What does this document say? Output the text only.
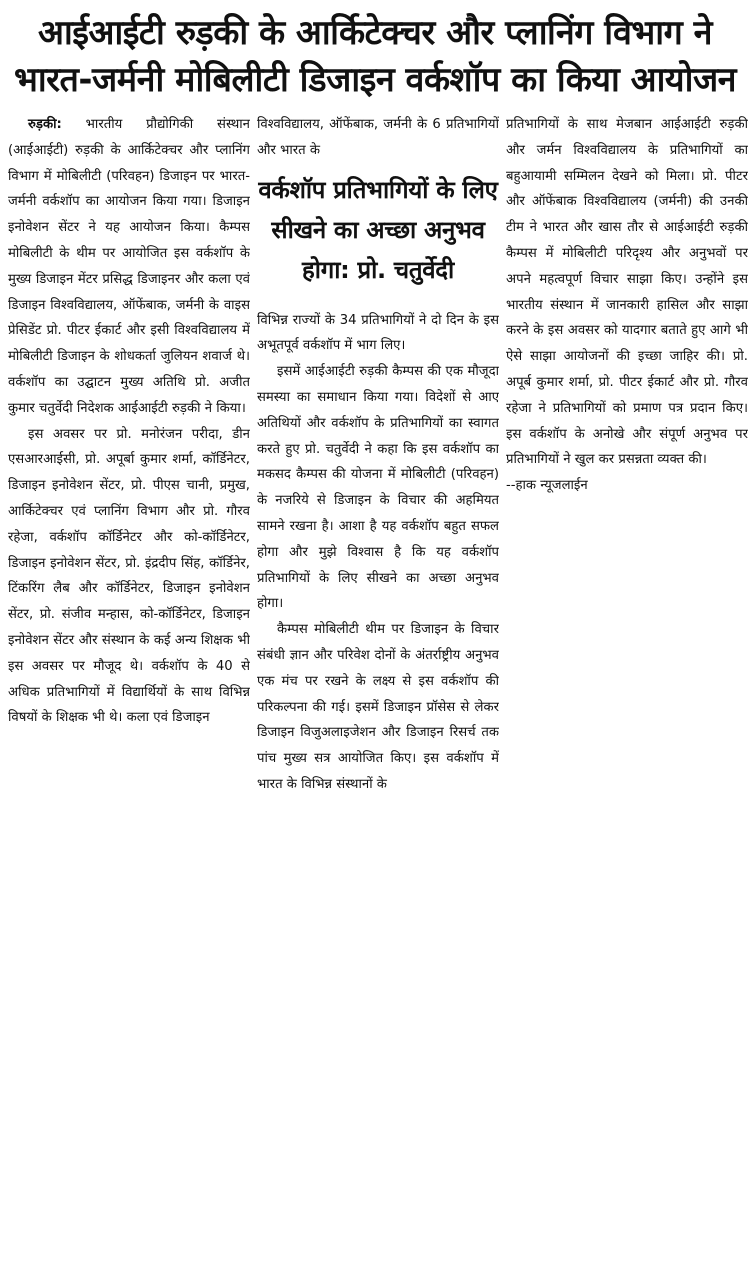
आईआईटी रुड़की के आर्किटेक्चर और प्लानिंग विभाग ने
भारत-जर्मनी मोबिलीटी डिजाइन वर्कशॉप का किया आयोजन

रुड़की: भारतीय प्रौद्योगिकी संस्थान (आईआईटी) रुड़की के आर्किटेक्चर और प्लानिंग विभाग में मोबिलीटी (परिवहन) डिजाइन पर भारत-जर्मनी वर्कशॉप का आयोजन किया गया। डिजाइन इनोवेशन सेंटर ने यह आयोजन किया। कैम्पस मोबिलीटी के थीम पर आयोजित इस वर्कशॉप के मुख्य डिजाइन मेंटर प्रसिद्ध डिजाइनर और कला एवं डिजाइन विश्वविद्यालय, ऑफेंबाक, जर्मनी के वाइस प्रेसिडेंट प्रो. पीटर ईकार्ट और इसी विश्वविद्यालय में मोबिलीटी डिजाइन के शोधकर्ता जुलियन शवार्ज थे। वर्कशॉप का उद्घाटन मुख्य अतिथि प्रो. अजीत कुमार चतुर्वेदी निदेशक आईआईटी रुड़की ने किया।

इस अवसर पर प्रो. मनोरंजन परीदा, डीन एसआरआईसी, प्रो. अपूर्बा कुमार शर्मा, कॉर्डिनेटर, डिजाइन इनोवेशन सेंटर, प्रो. पीएस चानी, प्रमुख, आर्किटेक्चर एवं प्लानिंग विभाग और प्रो. गौरव रहेजा, वर्कशॉप कॉर्डिनेटर और को-कॉर्डिनेटर, डिजाइन इनोवेशन सेंटर, प्रो. इंद्रदीप सिंह, कॉर्डिनेर, टिंकरिंग लैब और कॉर्डिनेटर, डिजाइन इनोवेशन सेंटर, प्रो. संजीव मन्हास, को-कॉर्डिनेटर, डिजाइन इनोवेशन सेंटर और संस्थान के कई अन्य शिक्षक भी इस अवसर पर मौजूद थे। वर्कशॉप के 40 से अधिक प्रतिभागियों में विद्यार्थियों के साथ विभिन्न विषयों के शिक्षक भी थे। कला एवं डिजाइन

विश्वविद्यालय, ऑफेंबाक, जर्मनी के 6 प्रतिभागियों और भारत के

वर्कशॉप प्रतिभागियों के लिए सीखने का अच्छा अनुभव होगा: प्रो. चतुर्वेदी

विभिन्न राज्यों के 34 प्रतिभागियों ने दो दिन के इस अभूतपूर्व वर्कशॉप में भाग लिए।

इसमें आईआईटी रुड़की कैम्पस की एक मौजूदा समस्या का समाधान किया गया। विदेशों से आए अतिथियों और वर्कशॉप के प्रतिभागियों का स्वागत करते हुए प्रो. चतुर्वेदी ने कहा कि इस वर्कशॉप का मकसद कैम्पस की योजना में मोबिलीटी (परिवहन) के नजरिये से डिजाइन के विचार की अहमियत सामने रखना है। आशा है यह वर्कशॉप बहुत सफल होगा और मुझे विश्वास है कि यह वर्कशॉप प्रतिभागियों के लिए सीखने का अच्छा अनुभव होगा।

कैम्पस मोबिलीटी थीम पर डिजाइन के विचार संबंधी ज्ञान और परिवेश दोनों के अंतर्राष्ट्रीय अनुभव एक मंच पर रखने के लक्ष्य से इस वर्कशॉप की परिकल्पना की गई। इसमें डिजाइन प्रॉसेस से लेकर डिजाइन विजुअलाइजेशन और डिजाइन रिसर्च तक पांच मुख्य सत्र आयोजित किए। इस वर्कशॉप में भारत के विभिन्न संस्थानों के

प्रतिभागियों के साथ मेजबान आईआईटी रुड़की और जर्मन विश्वविद्यालय के प्रतिभागियों का बहुआयामी सम्मिलन देखने को मिला। प्रो. पीटर और ऑफेंबाक विश्वविद्यालय (जर्मनी) की उनकी टीम ने भारत और खास तौर से आईआईटी रुड़की कैम्पस में मोबिलीटी परिदृश्य और अनुभवों पर अपने महत्वपूर्ण विचार साझा किए। उन्होंने इस भारतीय संस्थान में जानकारी हासिल और साझा करने के इस अवसर को यादगार बताते हुए आगे भी ऐसे साझा आयोजनों की इच्छा जाहिर की। प्रो. अपूर्ब कुमार शर्मा, प्रो. पीटर ईकार्ट और प्रो. गौरव रहेजा ने प्रतिभागियों को प्रमाण पत्र प्रदान किए। इस वर्कशॉप के अनोखे और संपूर्ण अनुभव पर प्रतिभागियों ने खुल कर प्रसन्नता व्यक्त की।

--हाक न्यूजलाईन
